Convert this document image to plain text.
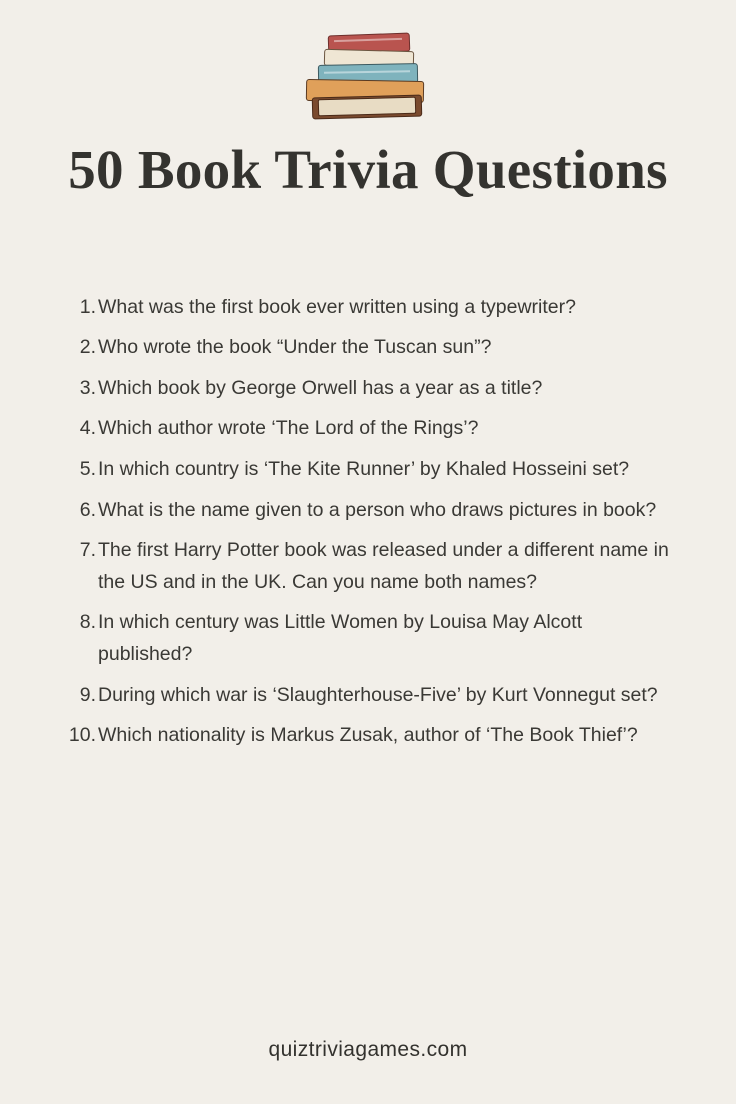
50 Book Trivia Questions
1. What was the first book ever written using a typewriter?
2. Who wrote the book “Under the Tuscan sun”?
3. Which book by George Orwell has a year as a title?
4. Which author wrote ‘The Lord of the Rings’?
5. In which country is ‘The Kite Runner’ by Khaled Hosseini set?
6. What is the name given to a person who draws pictures in book?
7. The first Harry Potter book was released under a different name in the US and in the UK. Can you name both names?
8. In which century was Little Women by Louisa May Alcott published?
9. During which war is ‘Slaughterhouse-Five’ by Kurt Vonnegut set?
10. Which nationality is Markus Zusak, author of ‘The Book Thief’?
quiztriviagames.com
